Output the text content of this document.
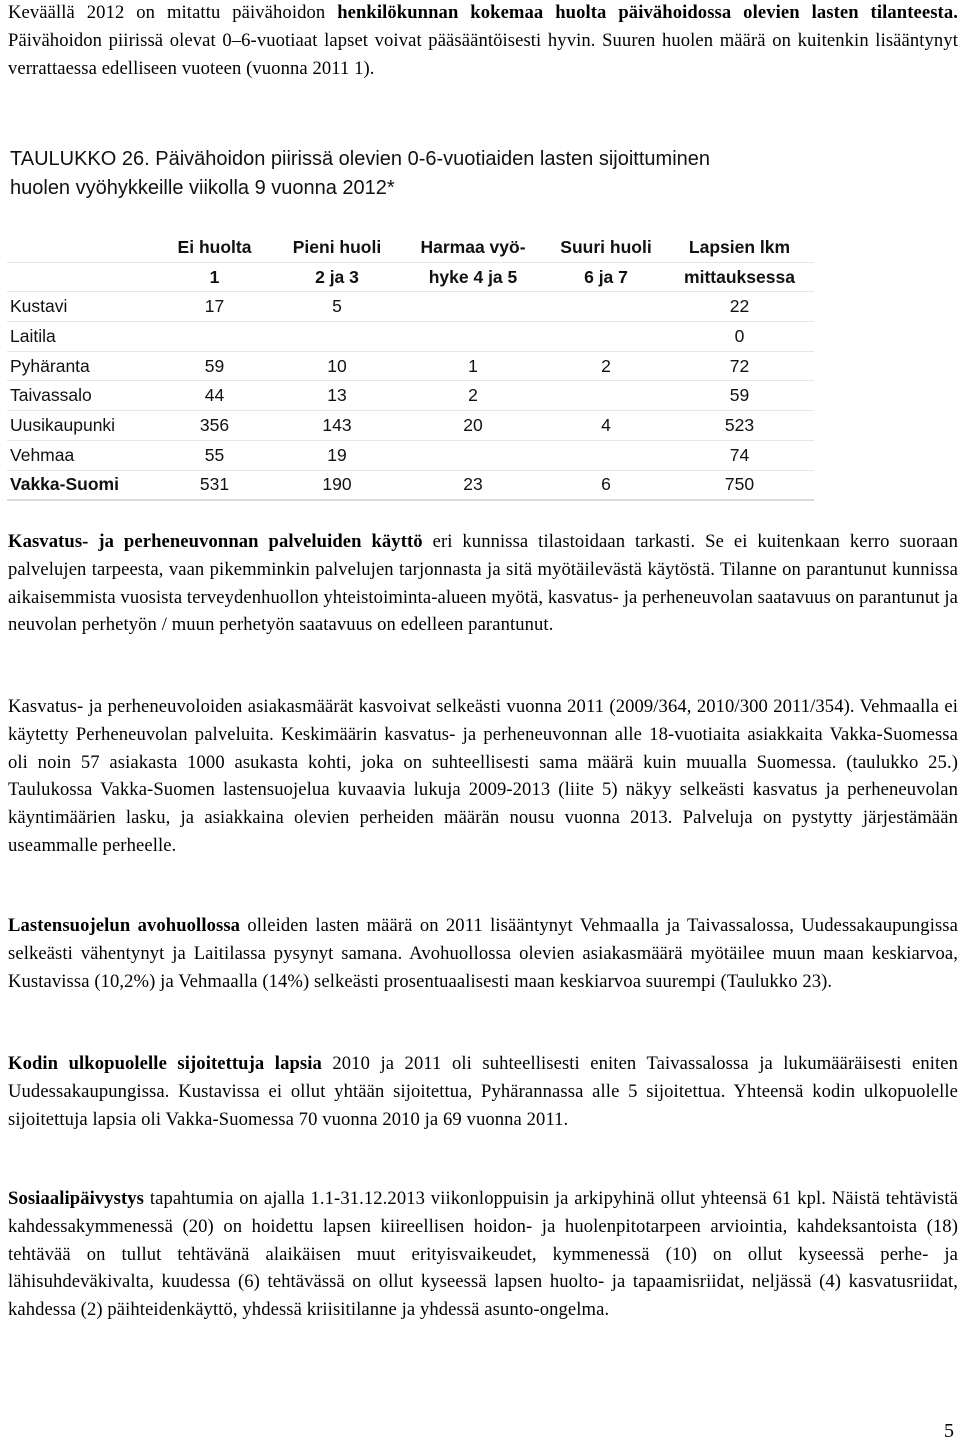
Keväällä 2012 on mitattu päivähoidon henkilökunnan kokemaa huolta päivähoidossa olevien lasten tilanteesta. Päivähoidon piirissä olevat 0–6-vuotiaat lapset voivat pääsääntöisesti hyvin. Suuren huolen määrä on kuitenkin lisääntynyt verrattaessa edelliseen vuoteen (vuonna 2011 1).

TAULUKKO 26. Päivähoidon piirissä olevien 0-6-vuotiaiden lasten sijoittuminen
huolen vyöhykkeille viikolla 9 vuonna 2012*
	Ei huolta	Pieni huoli	Harmaa vyö-	Suuri huoli	Lapsien lkm
	1	2 ja 3	hyke 4 ja 5	6 ja 7	mittauksessa
Kustavi	17	5			22
Laitila					0
Pyhäranta	59	10	1	2	72
Taivassalo	44	13	2		59
Uusikaupunki	356	143	20	4	523
Vehmaa	55	19			74
Vakka-Suomi	531	190	23	6	750

Kasvatus- ja perheneuvonnan palveluiden käyttö eri kunnissa tilastoidaan tarkasti. Se ei kuitenkaan kerro suoraan palvelujen tarpeesta, vaan pikemminkin palvelujen tarjonnasta ja sitä myötäilevästä käytöstä. Tilanne on parantunut kunnissa aikaisemmista vuosista terveydenhuollon yhteistoiminta-alueen myötä, kasvatus- ja perheneuvolan saatavuus on parantunut ja neuvolan perhetyön / muun perhetyön saatavuus on edelleen parantunut.

Kasvatus- ja perheneuvoloiden asiakasmäärät kasvoivat selkeästi vuonna 2011 (2009/364, 2010/300 2011/354). Vehmaalla ei käytetty Perheneuvolan palveluita. Keskimäärin kasvatus- ja perheneuvonnan alle 18-vuotiaita asiakkaita Vakka-Suomessa oli noin 57 asiakasta 1000 asukasta kohti, joka on suhteellisesti sama määrä kuin muualla Suomessa. (taulukko 25.) Taulukossa Vakka-Suomen lastensuojelua kuvaavia lukuja 2009-2013 (liite 5) näkyy selkeästi kasvatus ja perheneuvolan käyntimäärien lasku, ja asiakkaina olevien perheiden määrän nousu vuonna 2013. Palveluja on pystytty järjestämään useammalle perheelle.

Lastensuojelun avohuollossa olleiden lasten määrä on 2011 lisääntynyt Vehmaalla ja Taivassalossa, Uudessakaupungissa selkeästi vähentynyt ja Laitilassa pysynyt samana. Avohuollossa olevien asiakasmäärä myötäilee muun maan keskiarvoa, Kustavissa (10,2%) ja Vehmaalla (14%) selkeästi prosentuaalisesti maan keskiarvoa suurempi (Taulukko 23).

Kodin ulkopuolelle sijoitettuja lapsia 2010 ja 2011 oli suhteellisesti eniten Taivassalossa ja lukumääräisesti eniten Uudessakaupungissa. Kustavissa ei ollut yhtään sijoitettua, Pyhärannassa alle 5 sijoitettua. Yhteensä kodin ulkopuolelle sijoitettuja lapsia oli Vakka-Suomessa 70 vuonna 2010 ja 69 vuonna 2011.

Sosiaalipäivystys tapahtumia on ajalla 1.1-31.12.2013 viikonloppuisin ja arkipyhinä ollut yhteensä 61 kpl. Näistä tehtävistä kahdessakymmenessä (20) on hoidettu lapsen kiireellisen hoidon- ja huolenpitotarpeen arviointia, kahdeksantoista (18) tehtävää on tullut tehtävänä alaikäisen muut erityisvaikeudet, kymmenessä (10) on ollut kyseessä perhe- ja lähisuhdeväkivalta, kuudessa (6) tehtävässä on ollut kyseessä lapsen huolto- ja tapaamisriidat, neljässä (4) kasvatusriidat, kahdessa (2) päihteidenkäyttö, yhdessä kriisitilanne ja yhdessä asunto-ongelma.

5
